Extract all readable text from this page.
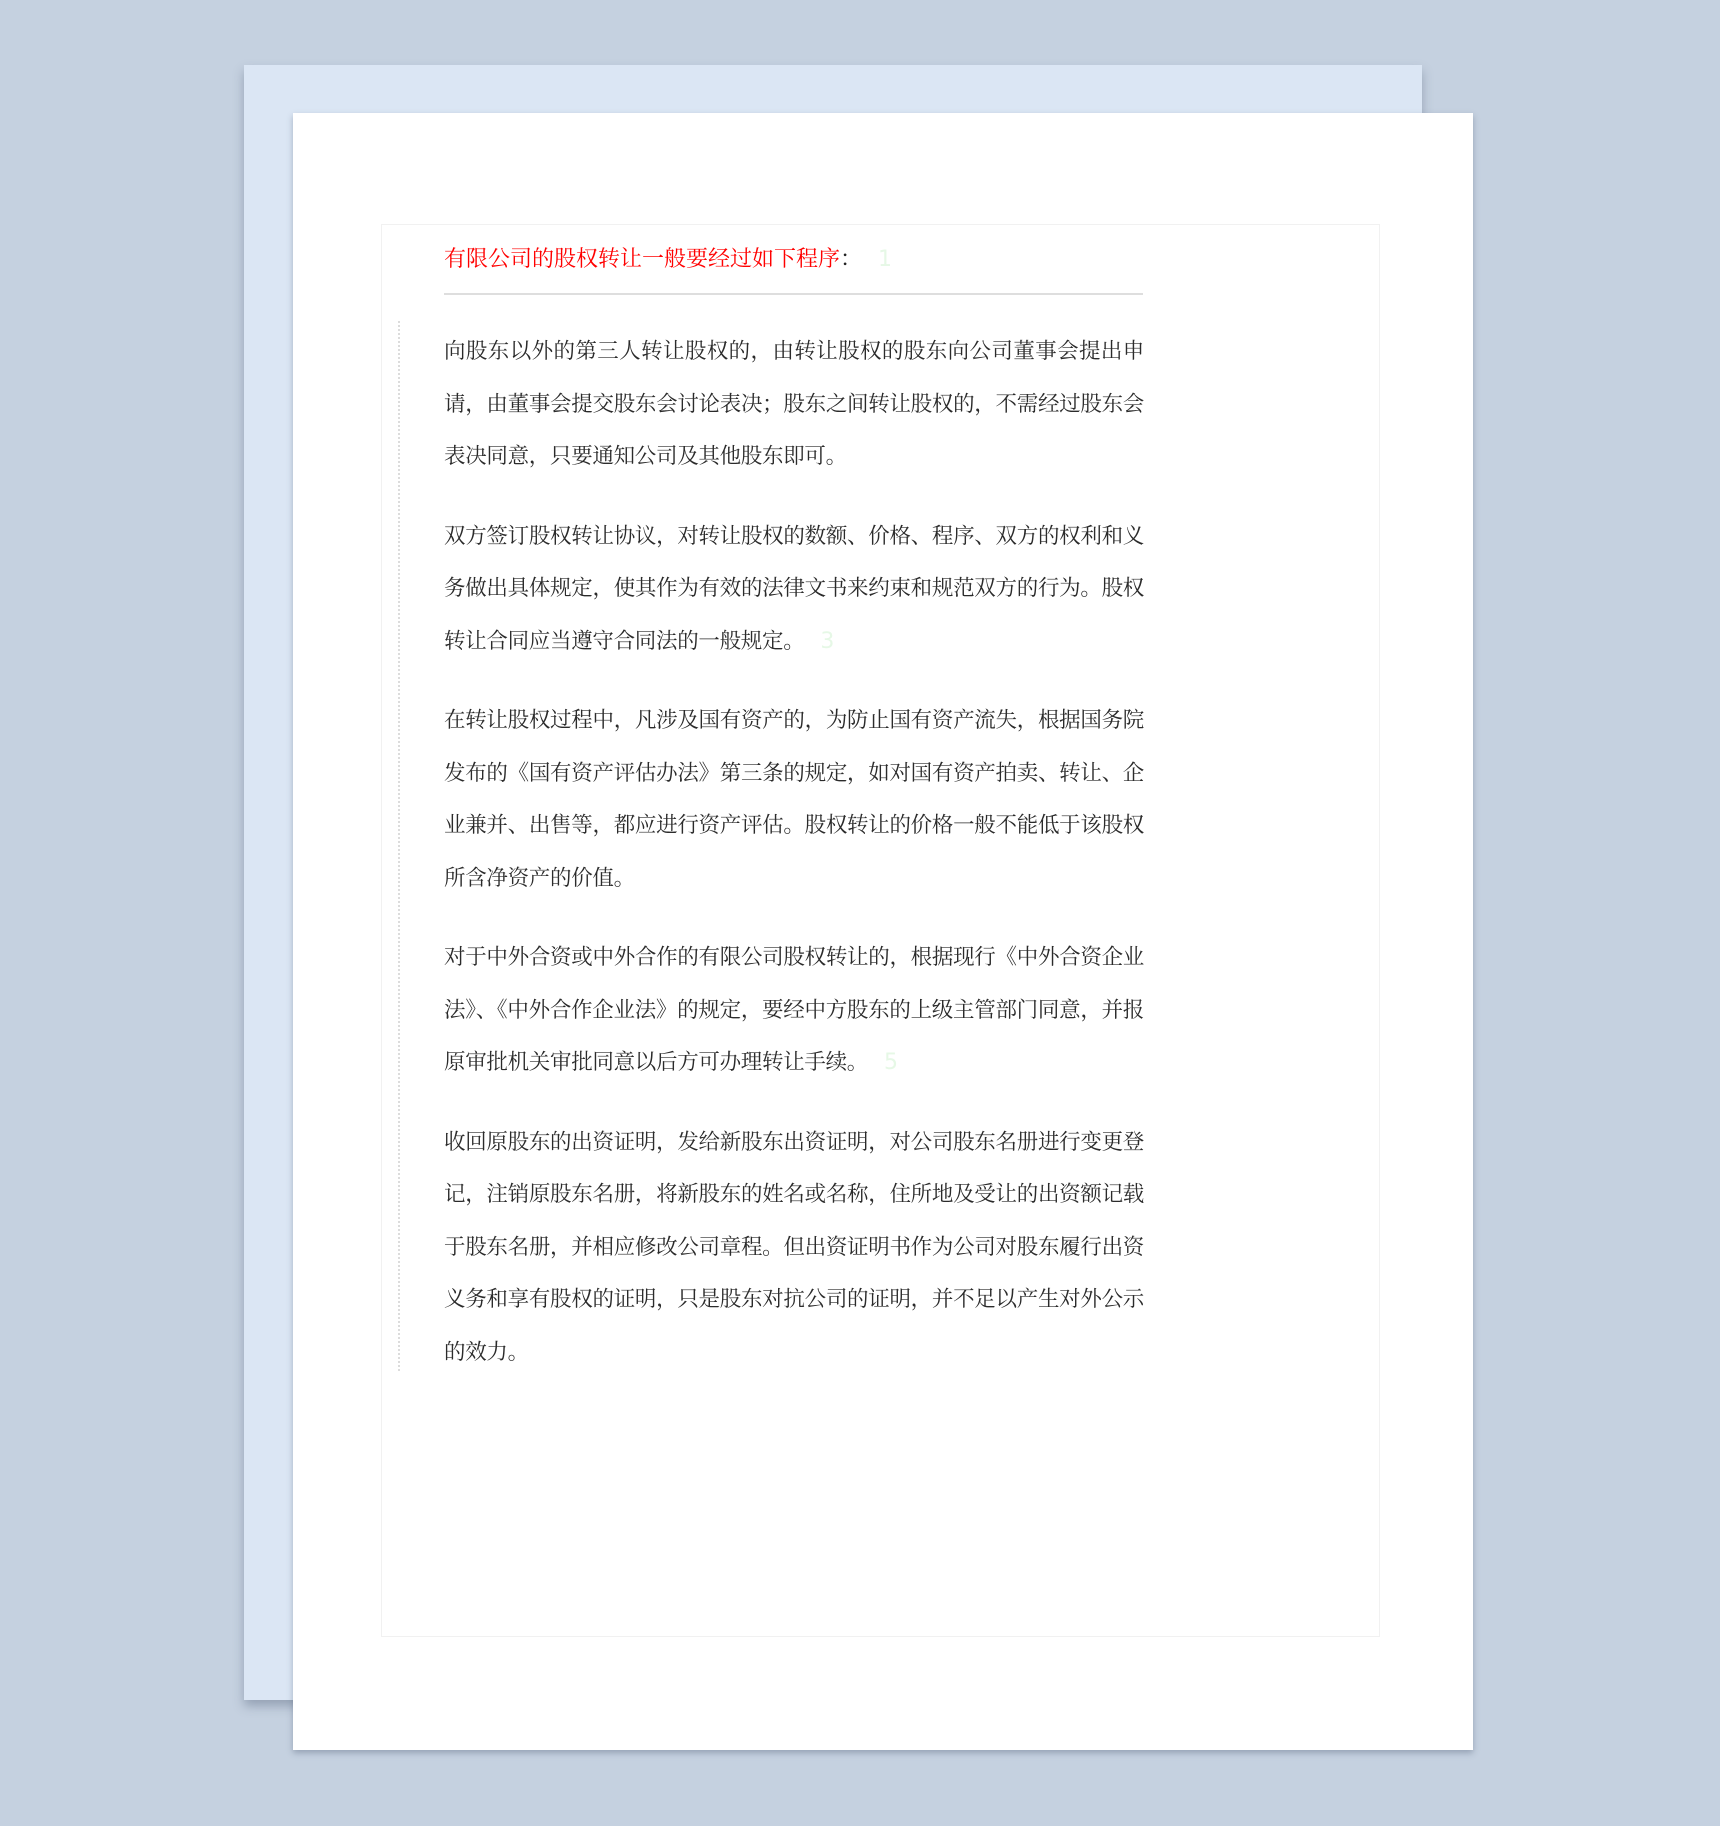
有限公司的股权转让一般要经过如下程序： 1

向股东以外的第三人转让股权的，由转让股权的股东向公司董事会提出申请，由董事会提交股东会讨论表决；股东之间转让股权的，不需经过股东会表决同意，只要通知公司及其他股东即可。

双方签订股权转让协议，对转让股权的数额、价格、程序、双方的权利和义务做出具体规定，使其作为有效的法律文书来约束和规范双方的行为。股权转让合同应当遵守合同法的一般规定。 3

在转让股权过程中，凡涉及国有资产的，为防止国有资产流失，根据国务院发布的《国有资产评估办法》第三条的规定，如对国有资产拍卖、转让、企业兼并、出售等，都应进行资产评估。股权转让的价格一般不能低于该股权所含净资产的价值。

对于中外合资或中外合作的有限公司股权转让的，根据现行《中外合资企业法》、《中外合作企业法》的规定，要经中方股东的上级主管部门同意，并报原审批机关审批同意以后方可办理转让手续。 5

收回原股东的出资证明，发给新股东出资证明，对公司股东名册进行变更登记，注销原股东名册，将新股东的姓名或名称，住所地及受让的出资额记载于股东名册，并相应修改公司章程。但出资证明书作为公司对股东履行出资义务和享有股权的证明，只是股东对抗公司的证明，并不足以产生对外公示的效力。
